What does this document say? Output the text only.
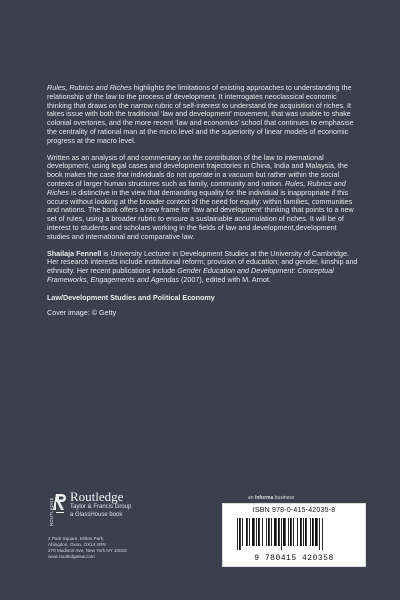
Rules, Rubrics and Riches highlights the limitations of existing approaches to understanding the relationship of the law to the process of development. It interrogates neoclassical economic thinking that draws on the narrow rubric of self-interest to understand the acquisition of riches. It takes issue with both the traditional ‘law and development’ movement, that was unable to shake colonial overtones, and the more recent ‘law and economics’ school that continues to emphasise the centrality of rational man at the micro level and the superiority of linear models of economic progress at the macro level.

Written as an analysis of and commentary on the contribution of the law to international development, using legal cases and development trajectories in China, India and Malaysia, the book makes the case that individuals do not operate in a vacuum but rather within the social contexts of larger human structures such as family, community and nation. Rules, Rubrics and Riches is distinctive in the view that demanding equality for the individual is inappropriate if this occurs without looking at the broader context of the need for equity: within families, communities and nations. The book offers a new frame for ‘law and development’ thinking that points to a new set of rules, using a broader rubric to ensure a sustainable accumulation of riches. It will be of interest to students and scholars working in the fields of law and development,development studies and international and comparative law.

Shailaja Fennell is University Lecturer in Development Studies at the University of Cambridge. Her research interests include institutional reform; provision of education; and gender, kinship and ethnicity. Her recent publications include Gender Education and Development: Conceptual Frameworks, Engagements and Agendas (2007), edited with M. Arnot.

Law/Development Studies and Political Economy
Cover image: © Getty
ROUTLEDGE
Routledge
Taylor & Francis Group
a GlassHouse book
2 Park Square, Milton Park,
Abingdon, Oxon, OX14 4RN
270 Madison Ave, New York NY 10016
www.routledgelaw.com
an informa business
ISBN 978-0-415-42035-8
9 780415 420358
